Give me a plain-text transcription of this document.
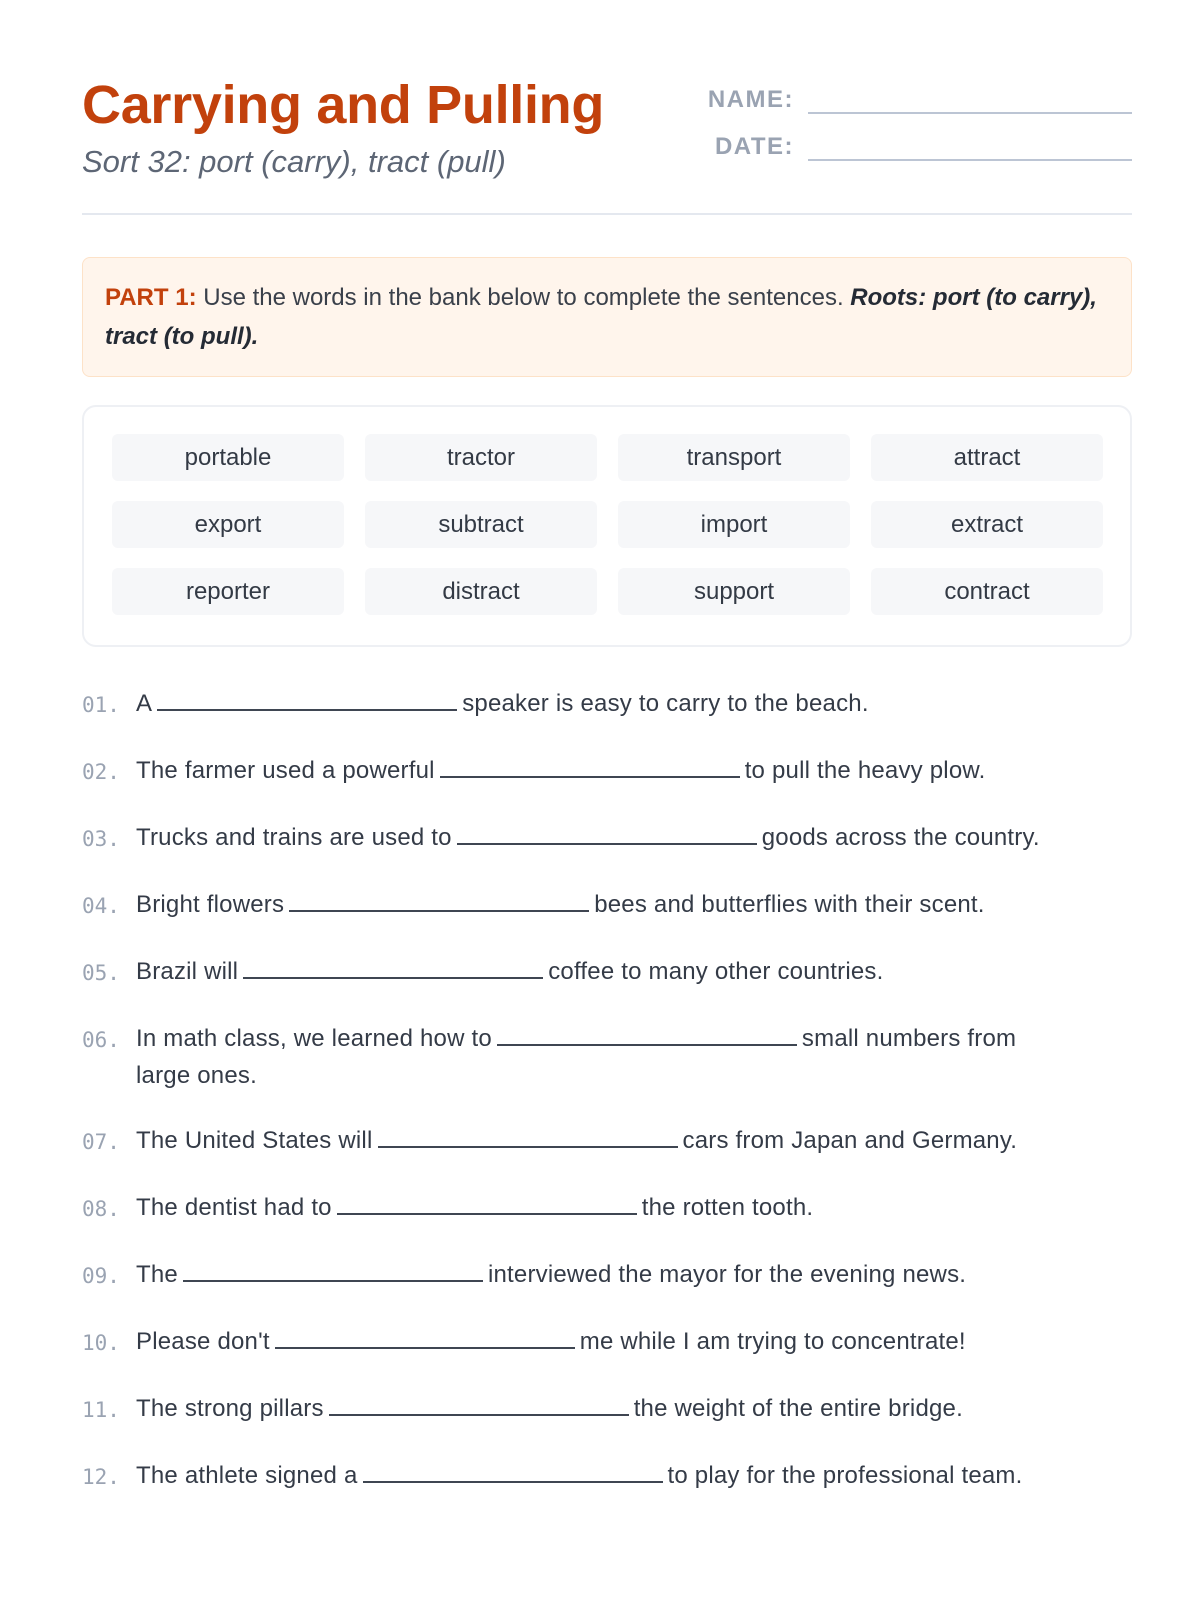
Carrying and Pulling
Sort 32: port (carry), tract (pull)
NAME:
DATE:
PART 1: Use the words in the bank below to complete the sentences. Roots: port (to carry), tract (to pull).
portable	tractor	transport	attract
export	subtract	import	extract
reporter	distract	support	contract
01. A	speaker is easy to carry to the beach.
02. The farmer used a powerful	to pull the heavy plow.
03. Trucks and trains are used to	goods across the country.
04. Bright flowers	bees and butterflies with their scent.
05. Brazil will	coffee to many other countries.
06. In math class, we learned how to	small numbers from large ones.
07. The United States will	cars from Japan and Germany.
08. The dentist had to	the rotten tooth.
09. The	interviewed the mayor for the evening news.
10. Please don't	me while I am trying to concentrate!
11. The strong pillars	the weight of the entire bridge.
12. The athlete signed a	to play for the professional team.
